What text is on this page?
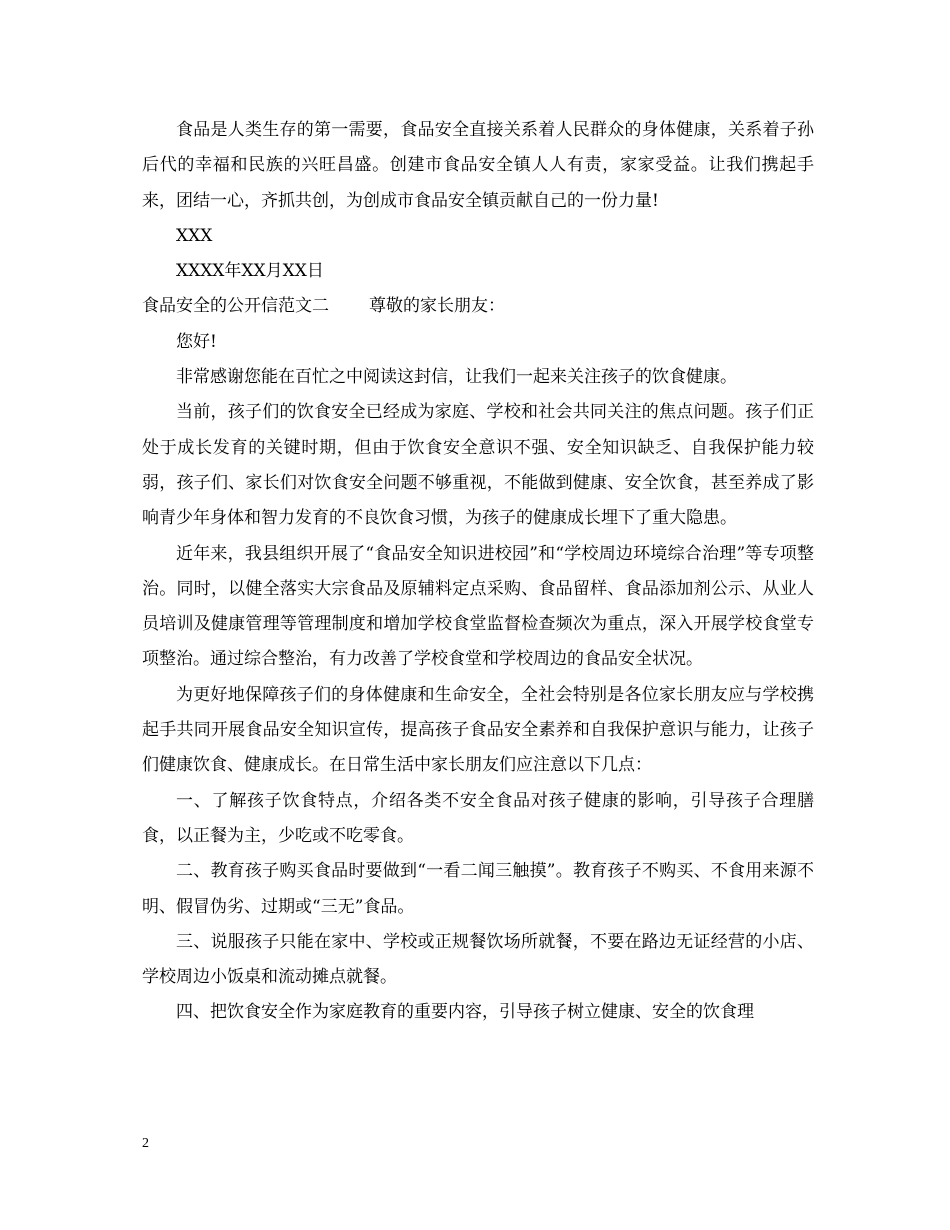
食品是人类生存的第一需要，食品安全直接关系着人民群众的身体健康，关系着子孙后代的幸福和民族的兴旺昌盛。创建市食品安全镇人人有责，家家受益。让我们携起手来，团结一心，齐抓共创，为创成市食品安全镇贡献自己的一份力量!

XXX

XXXX年XX月XX日

食品安全的公开信范文二 尊敬的家长朋友：

您好!

非常感谢您能在百忙之中阅读这封信，让我们一起来关注孩子的饮食健康。

当前，孩子们的饮食安全已经成为家庭、学校和社会共同关注的焦点问题。孩子们正处于成长发育的关键时期，但由于饮食安全意识不强、安全知识缺乏、自我保护能力较弱，孩子们、家长们对饮食安全问题不够重视，不能做到健康、安全饮食，甚至养成了影响青少年身体和智力发育的不良饮食习惯，为孩子的健康成长埋下了重大隐患。

近年来，我县组织开展了“食品安全知识进校园”和“学校周边环境综合治理”等专项整治。同时，以健全落实大宗食品及原辅料定点采购、食品留样、食品添加剂公示、从业人员培训及健康管理等管理制度和增加学校食堂监督检查频次为重点，深入开展学校食堂专项整治。通过综合整治，有力改善了学校食堂和学校周边的食品安全状况。

为更好地保障孩子们的身体健康和生命安全，全社会特别是各位家长朋友应与学校携起手共同开展食品安全知识宣传，提高孩子食品安全素养和自我保护意识与能力，让孩子们健康饮食、健康成长。在日常生活中家长朋友们应注意以下几点：

一、了解孩子饮食特点，介绍各类不安全食品对孩子健康的影响，引导孩子合理膳食，以正餐为主，少吃或不吃零食。

二、教育孩子购买食品时要做到“一看二闻三触摸”。教育孩子不购买、不食用来源不明、假冒伪劣、过期或“三无”食品。

三、说服孩子只能在家中、学校或正规餐饮场所就餐，不要在路边无证经营的小店、学校周边小饭桌和流动摊点就餐。

四、把饮食安全作为家庭教育的重要内容，引导孩子树立健康、安全的饮食理

2
